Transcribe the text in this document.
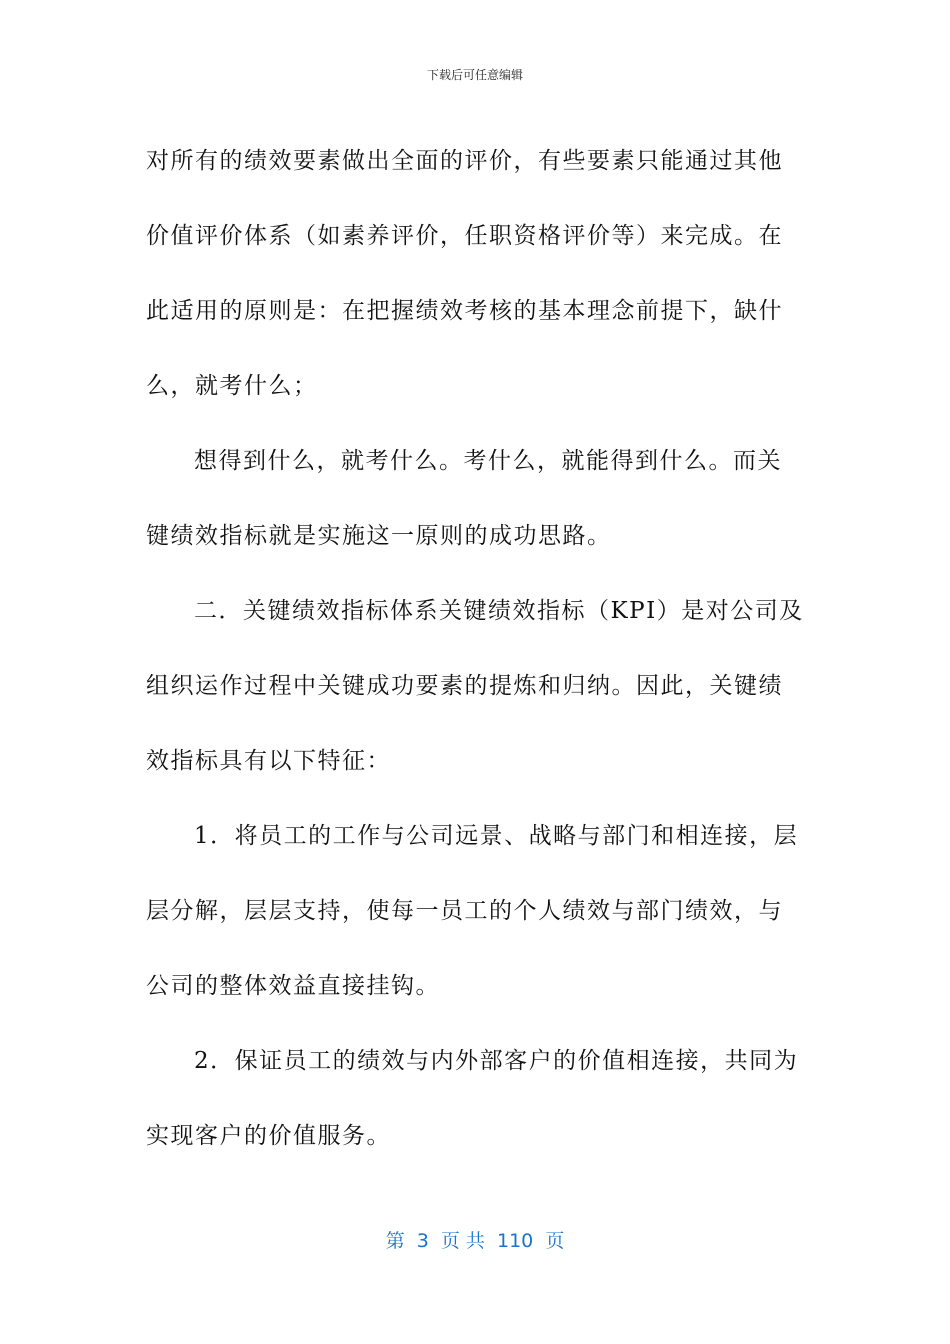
下载后可任意编辑

对所有的绩效要素做出全面的评价，有些要素只能通过其他价值评价体系（如素养评价，任职资格评价等）来完成。在此适用的原则是：在把握绩效考核的基本理念前提下，缺什么，就考什么；

想得到什么，就考什么。考什么，就能得到什么。而关键绩效指标就是实施这一原则的成功思路。

二．关键绩效指标体系关键绩效指标（KPI）是对公司及组织运作过程中关键成功要素的提炼和归纳。因此，关键绩效指标具有以下特征：

1．将员工的工作与公司远景、战略与部门和相连接，层层分解，层层支持，使每一员工的个人绩效与部门绩效，与公司的整体效益直接挂钩。

2．保证员工的绩效与内外部客户的价值相连接，共同为实现客户的价值服务。

第  3  页 共  110  页
